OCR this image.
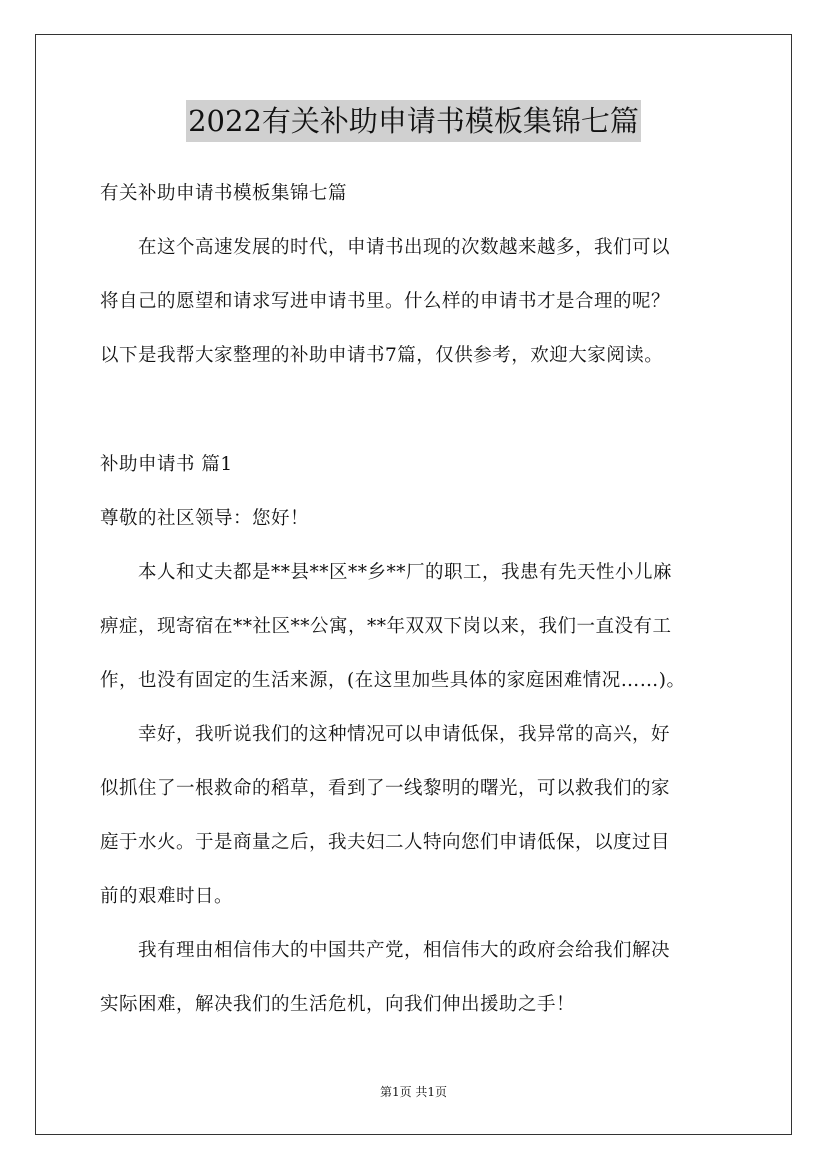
2022有关补助申请书模板集锦七篇
有关补助申请书模板集锦七篇
　　在这个高速发展的时代，申请书出现的次数越来越多，我们可以
将自己的愿望和请求写进申请书里。什么样的申请书才是合理的呢？
以下是我帮大家整理的补助申请书7篇，仅供参考，欢迎大家阅读。
补助申请书 篇1
尊敬的社区领导：您好！
　　本人和丈夫都是**县**区**乡**厂的职工，我患有先天性小儿麻
痹症，现寄宿在**社区**公寓，**年双双下岗以来，我们一直没有工
作，也没有固定的生活来源，(在这里加些具体的家庭困难情况……)。
　　幸好，我听说我们的这种情况可以申请低保，我异常的高兴，好
似抓住了一根救命的稻草，看到了一线黎明的曙光，可以救我们的家
庭于水火。于是商量之后，我夫妇二人特向您们申请低保，以度过目
前的艰难时日。
　　我有理由相信伟大的中国共产党，相信伟大的政府会给我们解决
实际困难，解决我们的生活危机，向我们伸出援助之手！
第1页 共1页
